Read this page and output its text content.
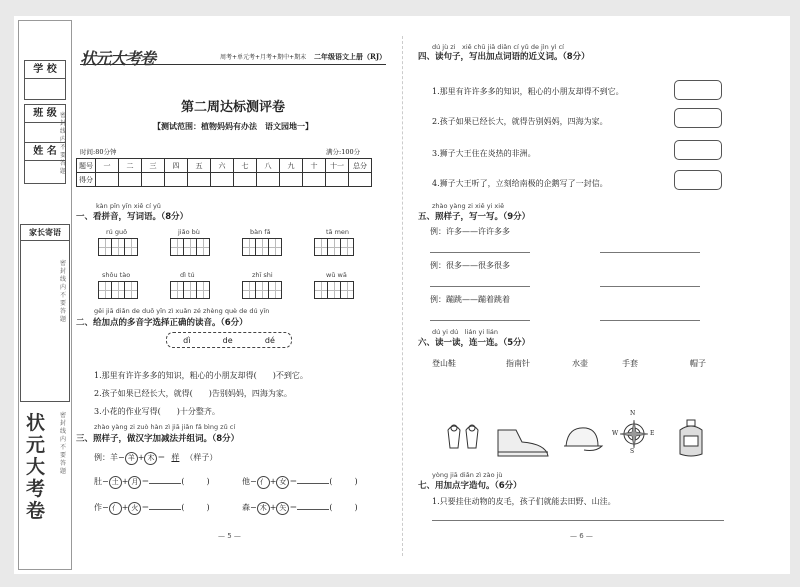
学 校
班 级
姓 名
家长寄语
密封线内不要答题
密封线内不要答题
密封线内不要答题
状元大考卷
状元大考卷	周考+单元考+月考+期中+期末 二年级语文上册（RJ）
第二周达标测评卷
【测试范围：植物妈妈有办法　语文园地一】
时间:80分钟	满分:100分
题号	一	二	三	四	五	六	七	八	九	十	十一	总分
得分												
kàn pīn yīn xiě cí yǔ
一、看拼音，写词语。（8分）
rú guǒ	jiǎo bù	bàn fǎ	tā men
shǒu tào	dì tú	zhī shi	wǔ wā
gěi jiā diǎn de duō yīn zì xuǎn zé zhèng què de dú yīn
二、给加点的多音字选择正确的读音。（6分）
dì	de	dé
1.那里有许许多多的知识，粗心的小朋友却得(　　)不到它。
2.孩子如果已经长大，就得(　　)告别妈妈，四海为家。
3.小花的作业写得(　　)十分整齐。
zhào yàng zi zuò hàn zì jiā jiǎn fǎ bìng zǔ cí
三、照样子，做汉字加减法并组词。（8分）
例：羊− 羊 + 木 ＝ 样 （样子）
肚− 土 + 月 ＝	(	)	他− 亻 + 女 ＝	(	)
作− 亻 + 火 ＝	(	)	森− 木 + 矢 ＝	(	)
— 5 —
dú jù zi　xiě chū jiā diǎn cí yǔ de jìn yì cí
四、读句子，写出加点词语的近义词。（8分）
1.那里有许许多多的知识，粗心的小朋友却得不到它。
2.孩子如果已经长大，就得告别妈妈，四海为家。
3.狮子大王住在炎热的非洲。
4.狮子大王听了，立刻给南极的企鹅写了一封信。
zhào yàng zi xiě yi xiě
五、照样子，写一写。（9分）
例：许多——许许多多
例：很多——很多很多
例：蹦跳——蹦着跳着
dú yi dú　lián yi lián
六、读一读，连一连。（5分）
登山鞋	指南针	水壶	手套	帽子
N
S
W	E
yòng jiā diǎn zì zào jù
七、用加点字造句。（6分）
1.只要挂住动物的皮毛，孩子们就能去田野、山洼。
— 6 —
